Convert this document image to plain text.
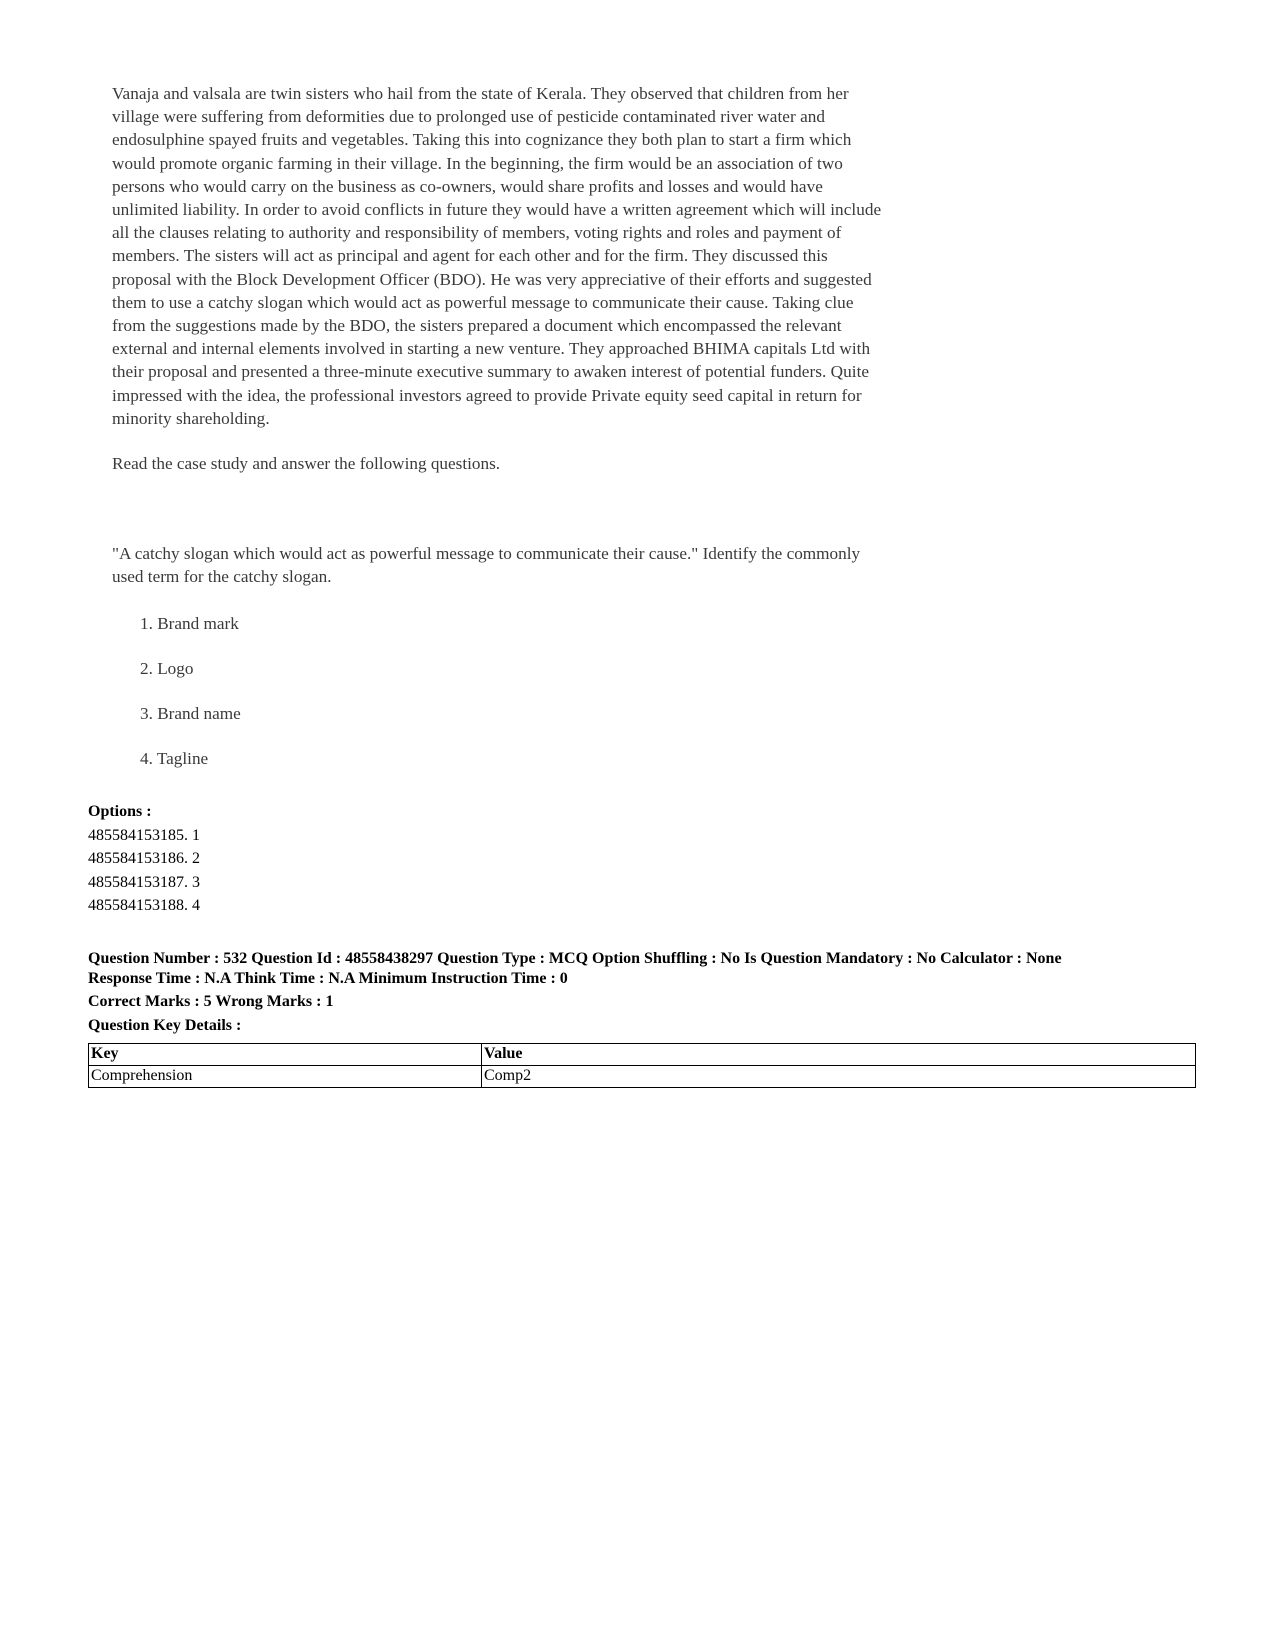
Vanaja and valsala are twin sisters who hail from the state of Kerala. They observed that children from her
village were suffering from deformities due to prolonged use of pesticide contaminated river water and
endosulphine spayed fruits and vegetables. Taking this into cognizance they both plan to start a firm which
would promote organic farming in their village. In the beginning, the firm would be an association of two
persons who would carry on the business as co-owners, would share profits and losses and would have
unlimited liability. In order to avoid conflicts in future they would have a written agreement which will include
all the clauses relating to authority and responsibility of members, voting rights and roles and payment of
members. The sisters will act as principal and agent for each other and for the firm. They discussed this
proposal with the Block Development Officer (BDO). He was very appreciative of their efforts and suggested
them to use a catchy slogan which would act as powerful message to communicate their cause. Taking clue
from the suggestions made by the BDO, the sisters prepared a document which encompassed the relevant
external and internal elements involved in starting a new venture. They approached BHIMA capitals Ltd with
their proposal and presented a three-minute executive summary to awaken interest of potential funders. Quite
impressed with the idea, the professional investors agreed to provide Private equity seed capital in return for
minority shareholding.

Read the case study and answer the following questions.
"A catchy slogan which would act as powerful message to communicate their cause." Identify the commonly
used term for the catchy slogan.
1. Brand mark
2. Logo
3. Brand name
4. Tagline
Options :
485584153185. 1
485584153186. 2
485584153187. 3
485584153188. 4
Question Number : 532 Question Id : 48558438297 Question Type : MCQ Option Shuffling : No Is Question Mandatory : No Calculator : None
Response Time : N.A Think Time : N.A Minimum Instruction Time : 0
Correct Marks : 5 Wrong Marks : 1
Question Key Details :
Key	Value
Comprehension	Comp2
